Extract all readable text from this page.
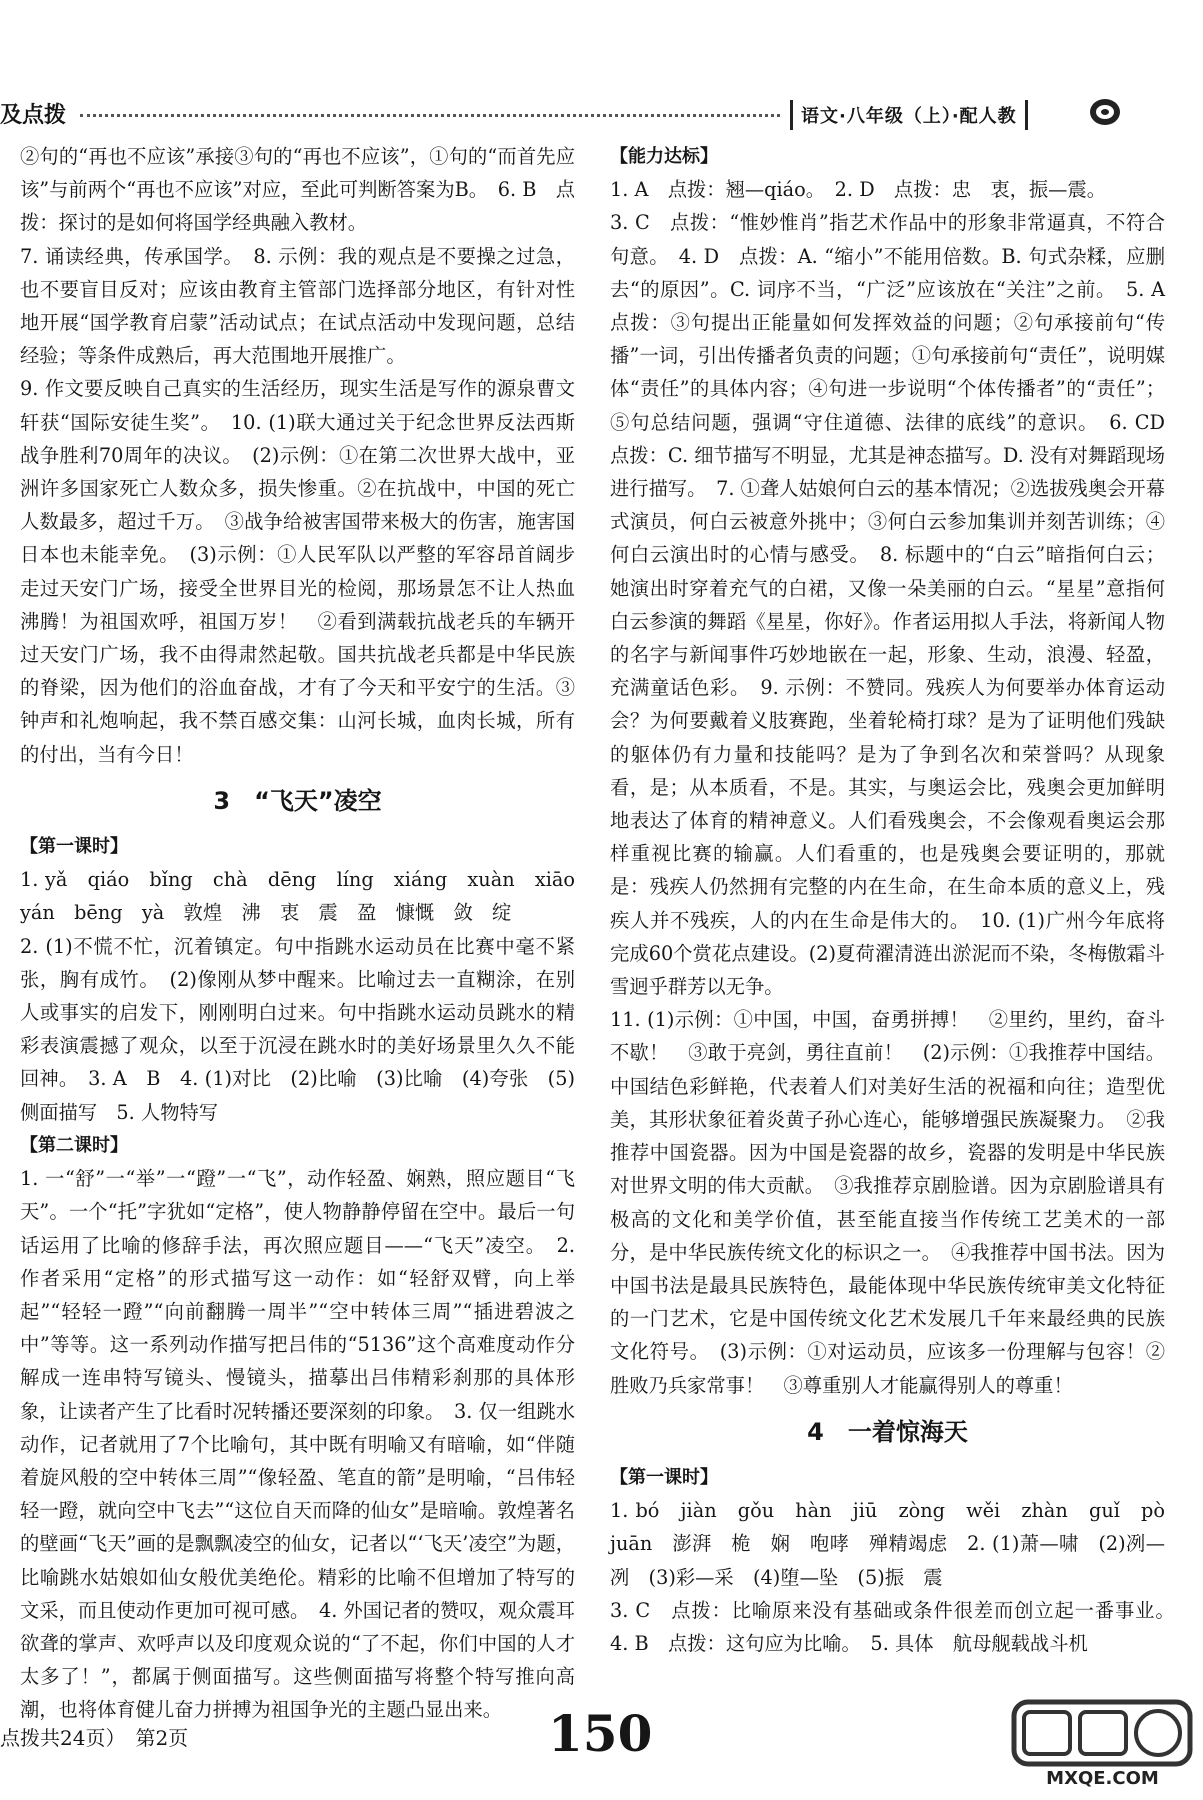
及点拨	语文·八年级（上）·配人教

②句的“再也不应该”承接③句的“再也不应该”，①句的“而首先应该”与前两个“再也不应该”对应，至此可判断答案为B。　6. B　点拨：探讨的是如何将国学经典融入教材。

7. 诵读经典，传承国学。　8. 示例：我的观点是不要操之过急，也不要盲目反对；应该由教育主管部门选择部分地区，有针对性地开展“国学教育启蒙”活动试点；在试点活动中发现问题，总结经验；等条件成熟后，再大范围地开展推广。

9. 作文要反映自己真实的生活经历，现实生活是写作的源泉曹文轩获“国际安徒生奖”。　10. (1)联大通过关于纪念世界反法西斯战争胜利70周年的决议。　(2)示例：①在第二次世界大战中，亚洲许多国家死亡人数众多，损失惨重。②在抗战中，中国的死亡人数最多，超过千万。　③战争给被害国带来极大的伤害，施害国日本也未能幸免。　(3)示例：①人民军队以严整的军容昂首阔步走过天安门广场，接受全世界目光的检阅，那场景怎不让人热血沸腾！为祖国欢呼，祖国万岁！　②看到满载抗战老兵的车辆开过天安门广场，我不由得肃然起敬。国共抗战老兵都是中华民族的脊梁，因为他们的浴血奋战，才有了今天和平安宁的生活。③钟声和礼炮响起，我不禁百感交集：山河长城，血肉长城，所有的付出，当有今日！

3　“飞天”凌空
【第一课时】

1. yǎ　qiáo　bǐng　chà　dēng　líng　xiáng　xuàn　xiāo　yán　bēng　yà　敦煌　沸　衷　震　盈　慷慨　敛　绽

2. (1)不慌不忙，沉着镇定。句中指跳水运动员在比赛中毫不紧张，胸有成竹。　(2)像刚从梦中醒来。比喻过去一直糊涂，在别人或事实的启发下，刚刚明白过来。句中指跳水运动员跳水的精彩表演震撼了观众，以至于沉浸在跳水时的美好场景里久久不能回神。　3. A　B　4. (1)对比　(2)比喻　(3)比喻　(4)夸张　(5)侧面描写　5. 人物特写

【第二课时】

1. 一“舒”一“举”一“蹬”一“飞”，动作轻盈、娴熟，照应题目“飞天”。一个“托”字犹如“定格”，使人物静静停留在空中。最后一句话运用了比喻的修辞手法，再次照应题目——“飞天”凌空。　2. 作者采用“定格”的形式描写这一动作：如“轻舒双臂，向上举起”“轻轻一蹬”“向前翻腾一周半”“空中转体三周”“插进碧波之中”等等。这一系列动作描写把吕伟的“5136”这个高难度动作分解成一连串特写镜头、慢镜头，描摹出吕伟精彩刹那的具体形象，让读者产生了比看时况转播还要深刻的印象。　3. 仅一组跳水动作，记者就用了7个比喻句，其中既有明喻又有暗喻，如“伴随着旋风般的空中转体三周”“像轻盈、笔直的箭”是明喻，“吕伟轻轻一蹬，就向空中飞去”“这位自天而降的仙女”是暗喻。敦煌著名的壁画“飞天”画的是飘飘凌空的仙女，记者以“‘飞天’凌空”为题，比喻跳水姑娘如仙女般优美绝伦。精彩的比喻不但增加了特写的文采，而且使动作更加可视可感。　4. 外国记者的赞叹，观众震耳欲聋的掌声、欢呼声以及印度观众说的“了不起，你们中国的人才太多了！”，都属于侧面描写。这些侧面描写将整个特写推向高潮，也将体育健儿奋力拼搏为祖国争光的主题凸显出来。

【能力达标】

1. A　点拨：翘—qiáo。　2. D　点拨：忠　衷，振—震。

3. C　点拨：“惟妙惟肖”指艺术作品中的形象非常逼真，不符合句意。　4. D　点拨：A. “缩小”不能用倍数。B. 句式杂糅，应删去“的原因”。C. 词序不当，“广泛”应该放在“关注”之前。　5. A　点拨：③句提出正能量如何发挥效益的问题；②句承接前句“传播”一词，引出传播者负责的问题；①句承接前句“责任”，说明媒体“责任”的具体内容；④句进一步说明“个体传播者”的“责任”；⑤句总结问题，强调“守住道德、法律的底线”的意识。　6. CD　点拨：C. 细节描写不明显，尤其是神态描写。D. 没有对舞蹈现场进行描写。　7. ①聋人姑娘何白云的基本情况；②选拔残奥会开幕式演员，何白云被意外挑中；③何白云参加集训并刻苦训练；④何白云演出时的心情与感受。　8. 标题中的“白云”暗指何白云；她演出时穿着充气的白裙，又像一朵美丽的白云。“星星”意指何白云参演的舞蹈《星星，你好》。作者运用拟人手法，将新闻人物的名字与新闻事件巧妙地嵌在一起，形象、生动，浪漫、轻盈，充满童话色彩。　9. 示例：不赞同。残疾人为何要举办体育运动会？为何要戴着义肢赛跑，坐着轮椅打球？是为了证明他们残缺的躯体仍有力量和技能吗？是为了争到名次和荣誉吗？从现象看，是；从本质看，不是。其实，与奥运会比，残奥会更加鲜明地表达了体育的精神意义。人们看残奥会，不会像观看奥运会那样重视比赛的输赢。人们看重的，也是残奥会要证明的，那就是：残疾人仍然拥有完整的内在生命，在生命本质的意义上，残疾人并不残疾，人的内在生命是伟大的。　10. (1)广州今年底将完成60个赏花点建设。(2)夏荷濯清涟出淤泥而不染，冬梅傲霜斗雪迥乎群芳以无争。

11. (1)示例：①中国，中国，奋勇拼搏！　②里约，里约，奋斗不歇！　③敢于亮剑，勇往直前！　(2)示例：①我推荐中国结。中国结色彩鲜艳，代表着人们对美好生活的祝福和向往；造型优美，其形状象征着炎黄子孙心连心，能够增强民族凝聚力。　②我推荐中国瓷器。因为中国是瓷器的故乡，瓷器的发明是中华民族对世界文明的伟大贡献。　③我推荐京剧脸谱。因为京剧脸谱具有极高的文化和美学价值，甚至能直接当作传统工艺美术的一部分，是中华民族传统文化的标识之一。　④我推荐中国书法。因为中国书法是最具民族特色，最能体现中华民族传统审美文化特征的一门艺术，它是中国传统文化艺术发展几千年来最经典的民族文化符号。　(3)示例：①对运动员，应该多一份理解与包容！②胜败乃兵家常事！　③尊重别人才能赢得别人的尊重！

4　一着惊海天
【第一课时】

1. bó　jiàn　gǒu　hàn　jiū　zòng　wěi　zhàn　guǐ　pò　juān　澎湃　桅　娴　咆哮　殚精竭虑　2. (1)萧—啸　(2)冽—冽　(3)彩—采　(4)堕—坠　(5)振　震

3. C　点拨：比喻原来没有基础或条件很差而创立起一番事业。　4. B　点拨：这句应为比喻。　5. 具体　航母舰载战斗机

点拨共24页）　第2页	150
MXQE.COM
